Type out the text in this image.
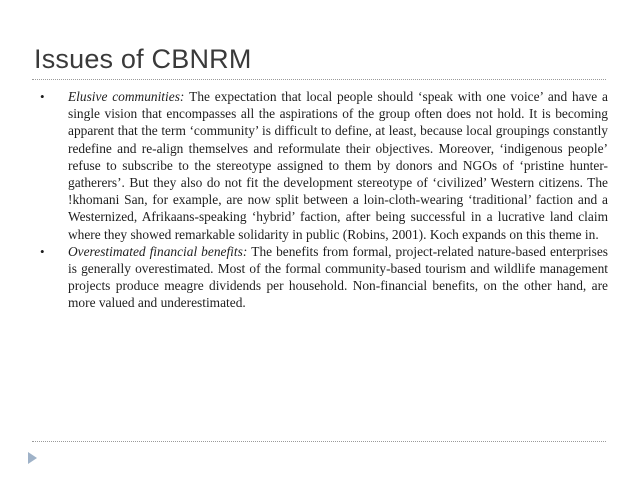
Issues of CBNRM
• Elusive communities: The expectation that local people should ‘speak with one voice’ and have a single vision that encompasses all the aspirations of the group often does not hold. It is becoming apparent that the term ‘community’ is difficult to define, at least, because local groupings constantly redefine and re-align themselves and reformulate their objectives. Moreover, ‘indigenous people’ refuse to subscribe to the stereotype assigned to them by donors and NGOs of ‘pristine hunter-gatherers’. But they also do not fit the development stereotype of ‘civilized’ Western citizens. The !khomani San, for example, are now split between a loin-cloth-wearing ‘traditional’ faction and a Westernized, Afrikaans-speaking ‘hybrid’ faction, after being successful in a lucrative land claim where they showed remarkable solidarity in public (Robins, 2001). Koch expands on this theme in.
• Overestimated financial benefits: The benefits from formal, project-related nature-based enterprises is generally overestimated. Most of the formal community-based tourism and wildlife management projects produce meagre dividends per household. Non-financial benefits, on the other hand, are more valued and underestimated.
